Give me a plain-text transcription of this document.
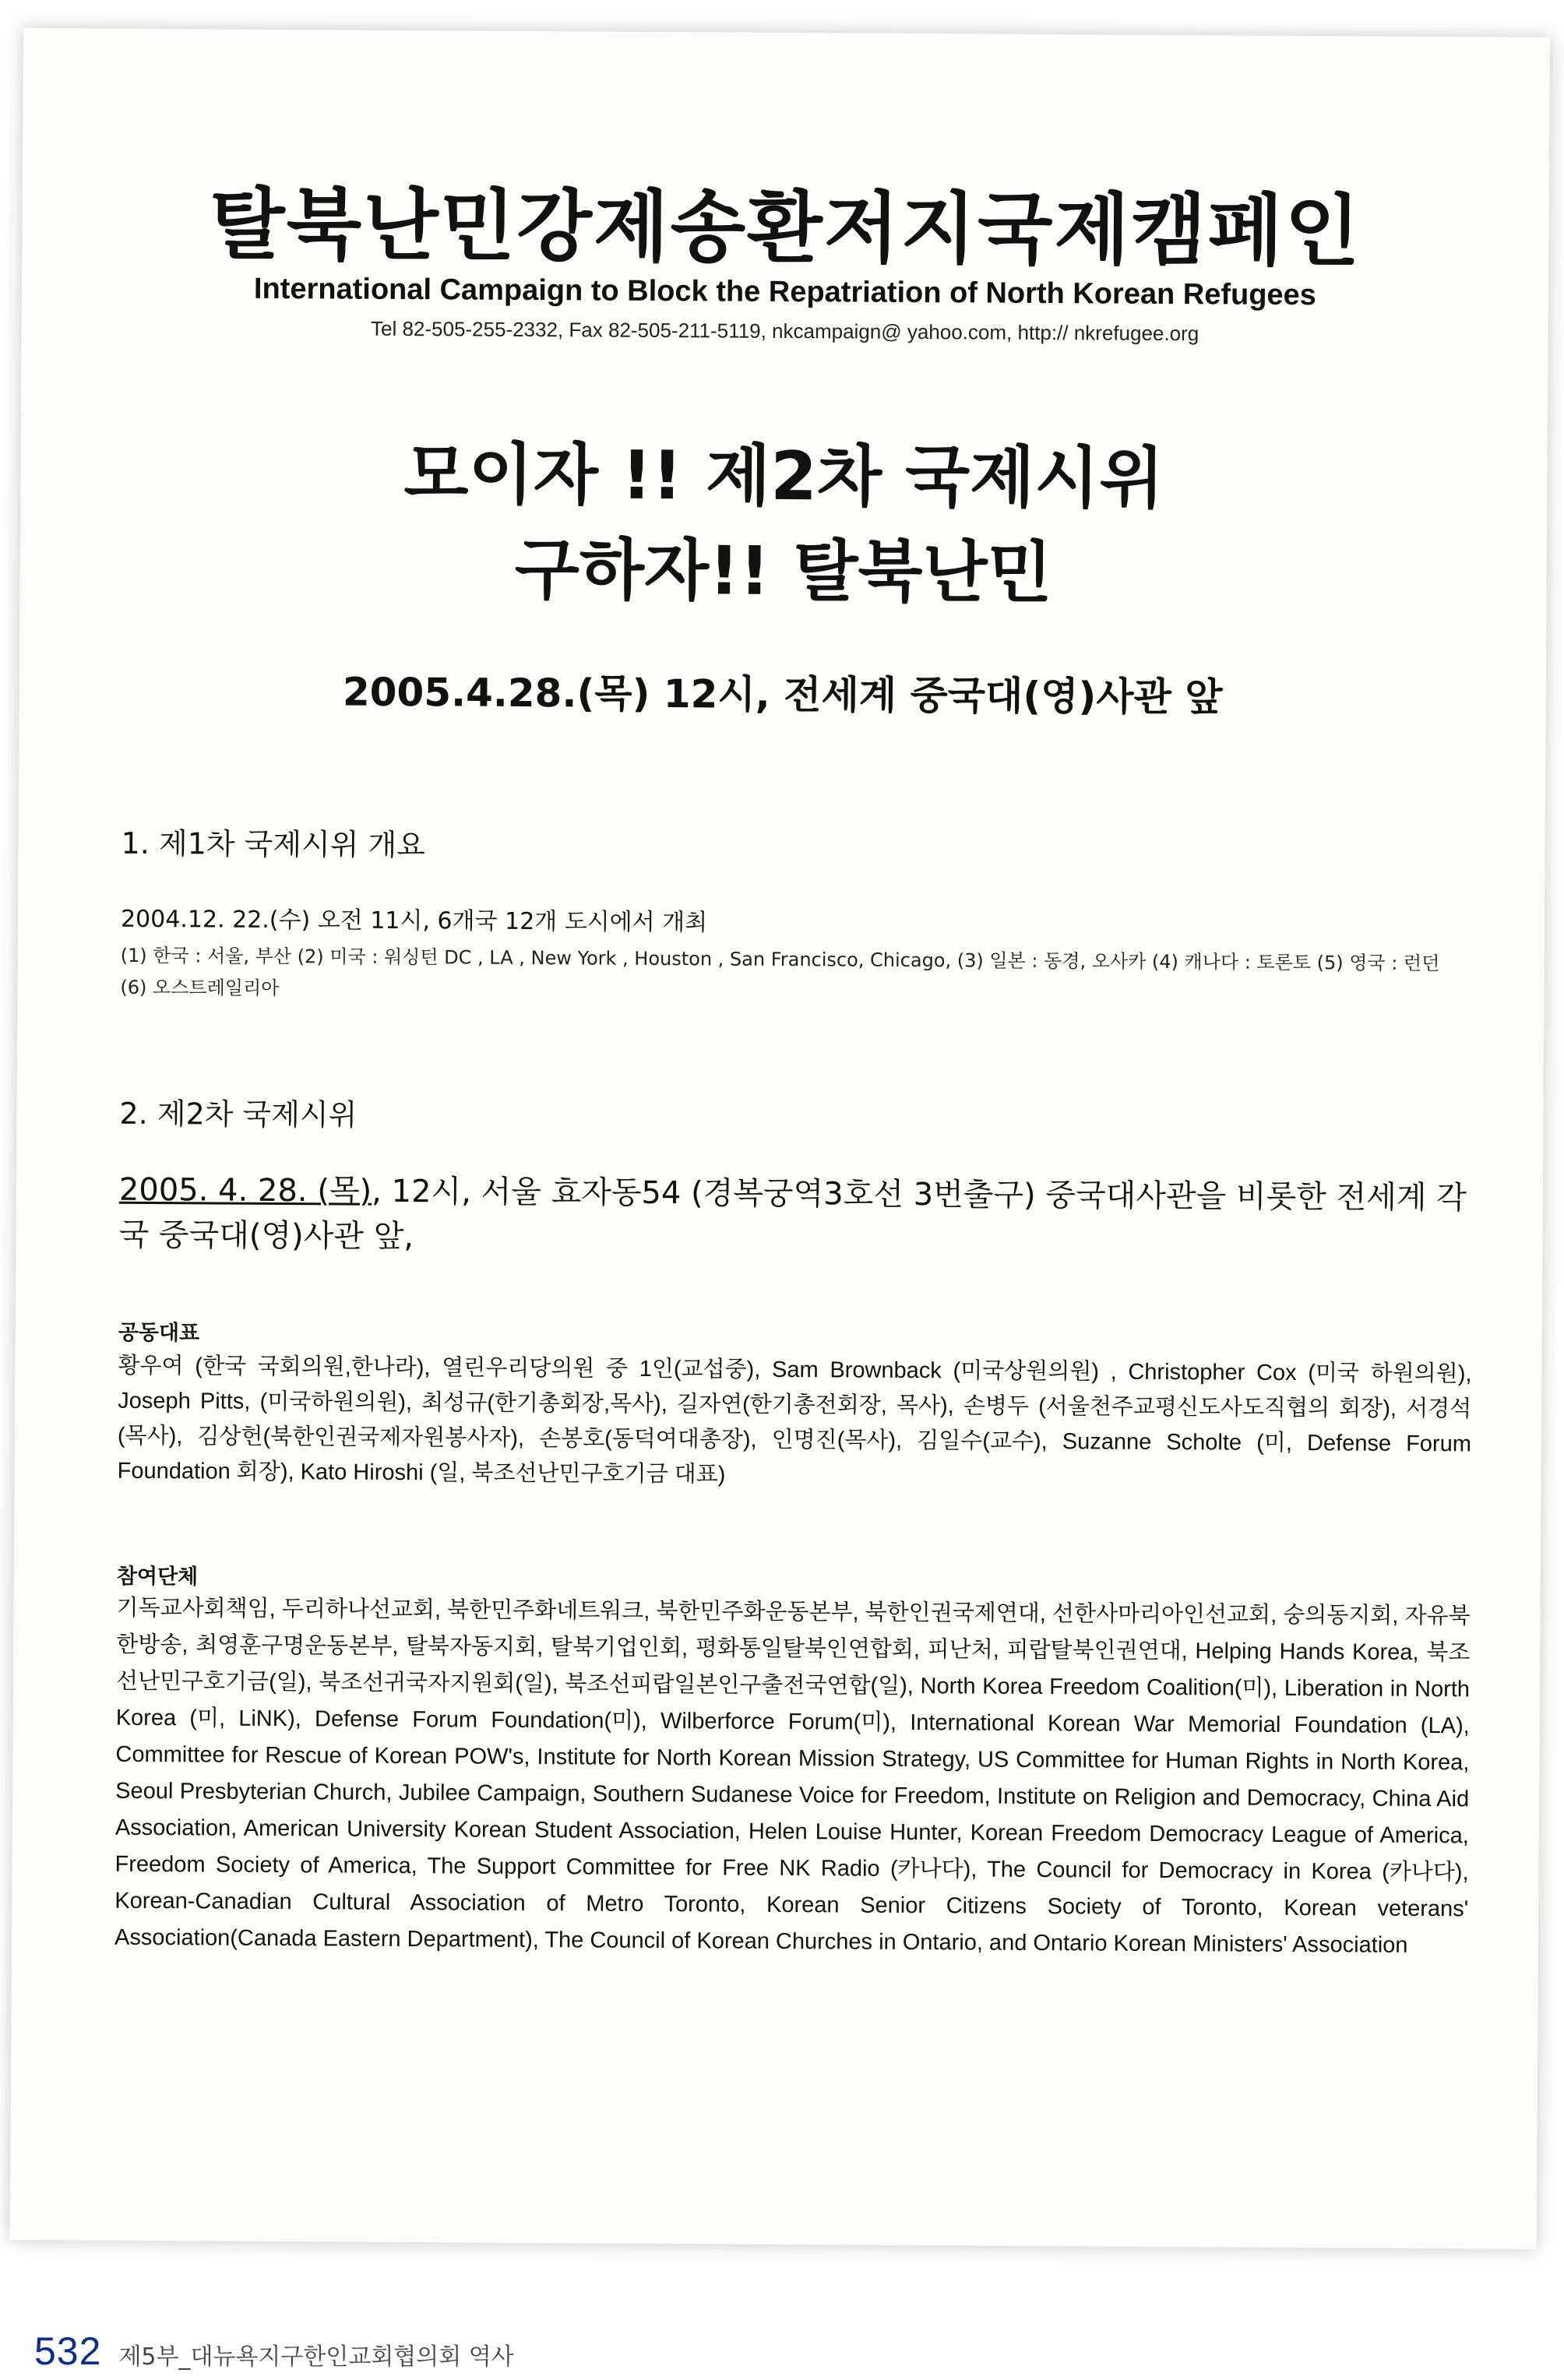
탈북난민강제송환저지국제캠페인
International Campaign to Block the Repatriation of North Korean Refugees
Tel 82-505-255-2332, Fax 82-505-211-5119, nkcampaign@ yahoo.com, http:// nkrefugee.org
모이자 !! 제2차 국제시위
구하자!! 탈북난민
2005.4.28.(목) 12시, 전세계 중국대(영)사관 앞
1. 제1차 국제시위 개요
2004.12. 22.(수) 오전 11시, 6개국 12개 도시에서 개최
(1) 한국 : 서울, 부산 (2) 미국 : 워싱턴 DC , LA , New York , Houston , San Francisco, Chicago, (3) 일본 : 동경, 오사카 (4) 캐나다 : 토론토 (5) 영국 : 런던 (6) 오스트레일리아
2. 제2차 국제시위
2005. 4. 28. (목), 12시, 서울 효자동54 (경복궁역3호선 3번출구) 중국대사관을 비롯한 전세계 각국 중국대(영)사관 앞,
공동대표
황우여 (한국 국회의원,한나라), 열린우리당의원 중 1인(교섭중), Sam Brownback (미국상원의원) , Christopher Cox (미국 하원의원), Joseph Pitts, (미국하원의원), 최성규(한기총회장,목사), 길자연(한기총전회장, 목사), 손병두 (서울천주교평신도사도직협의 회장), 서경석(목사), 김상헌(북한인권국제자원봉사자), 손봉호(동덕여대총장), 인명진(목사), 김일수(교수), Suzanne Scholte (미, Defense Forum Foundation 회장), Kato Hiroshi (일, 북조선난민구호기금 대표)
참여단체
기독교사회책임, 두리하나선교회, 북한민주화네트워크, 북한민주화운동본부, 북한인권국제연대, 선한사마리아인선교회, 숭의동지회, 자유북한방송, 최영훈구명운동본부, 탈북자동지회, 탈북기업인회, 평화통일탈북인연합회, 피난처, 피랍탈북인권연대, Helping Hands Korea, 북조선난민구호기금(일), 북조선귀국자지원회(일), 북조선피랍일본인구출전국연합(일), North Korea Freedom Coalition(미), Liberation in North Korea (미, LiNK), Defense Forum Foundation(미), Wilberforce Forum(미), International Korean War Memorial Foundation (LA), Committee for Rescue of Korean POW's, Institute for North Korean Mission Strategy, US Committee for Human Rights in North Korea, Seoul Presbyterian Church, Jubilee Campaign, Southern Sudanese Voice for Freedom, Institute on Religion and Democracy, China Aid Association, American University Korean Student Association, Helen Louise Hunter, Korean Freedom Democracy League of America, Freedom Society of America, The Support Committee for Free NK Radio (카나다), The Council for Democracy in Korea (카나다), Korean-Canadian Cultural Association of Metro Toronto, Korean Senior Citizens Society of Toronto, Korean veterans' Association(Canada Eastern Department), The Council of Korean Churches in Ontario, and Ontario Korean Ministers' Association
532 제5부_대뉴욕지구한인교회협의회 역사
